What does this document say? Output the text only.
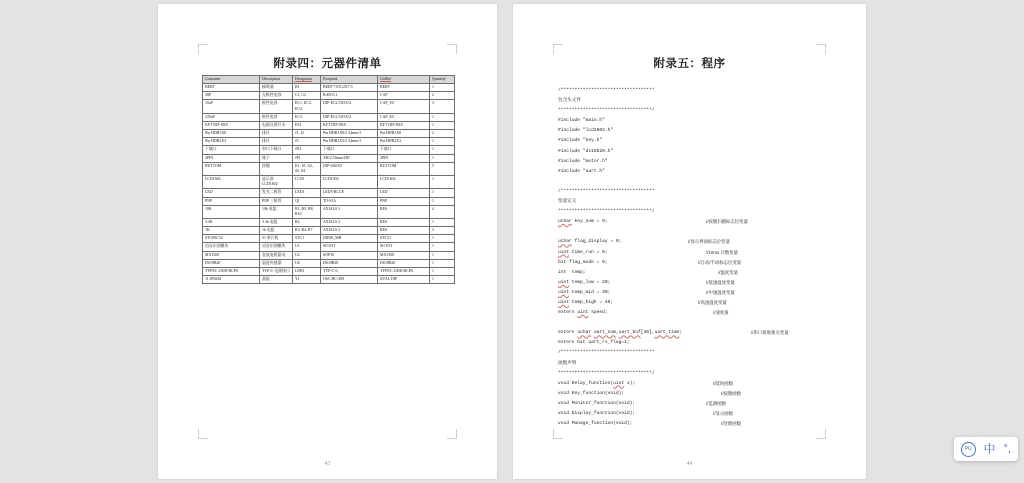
附录四：元器件清单
Comment	Description	Designator	Footprint	LibRef	Quantity
BEEP	蜂鸣器	B1	BEEP 7.6X12X7.5	BEEP	1
30P	无极性电容	C1, C2	RAD-0.1	CAP	2
10uF	极性电容	EC1, EC2, EC4	DIP-EC2.5X5X11	CAP_EC	3
220uF	极性电容	EC3	DIP-EC2.5X5X11	CAP_EC	1
KFT DIP-8X8	电源自锁开关	ES1	KFT DIP-8X8	KFT DIP-8X8	1
Pin HDR1X8	排针	J1, J2	Pin HDR1X8/2.54mm-5	Pin HDR1X8	2
Pin HDR2X3	排针	J3	Pin HDR2X3/2.54mm-5	Pin HDR2X3	1
下载口	串口下载口	JD1	下载口	下载口	1
2PIN	座子	JP1	XH/2.54mm/180	2PIN	1
BUTTOM	按键	K1, S1, S2, S3, S4	DIP-6X6X5	BUTTOM	5
LCD1602	显示屏 LCD1602	LCD1	LCD1602	LCD1602	1
LED	发光二极管	LED1	LED5-BLUE	LED	1
PNP	PNP 三极管	Q1	TO-92A	PNP	1
10K	10k 电阻	R1, R5, R8, R10	AXIAL0.3	RES	4
3.3K	3.3k 电阻	R2	AXIAL0.3	RES	1
1K	1k 电阻	R3, R4, R7	AXIAL0.3	RES	3
STC89C52	51 单片机	STC1	DIP40_MH	STC51	1
语音识别模块	语音识别模块	U1	SU-03T	SU-03T	1
MX1508	直流电机驱动	U2	SOP16	MX1508	1
DS18B20	温度传感器	U6	DS18B20	DS18B20	1
TYPEC-250D-BCP6	TYP-C 电源接口	USB1	TYP-C-6	TYPEC-250D-BCP6	1
11.0592M	晶振	Y1	OSC HC-49S	XTAL DIP	1
43
附录五：程序
/**********************************
包含头文件
**********************************/
#include "main.h"
#include "lcd1602.h"
#include "key.h"
#include "ds18b20.h"
#include "motor.h"
#include "uart.h"

/**********************************
变量定义
**********************************/
uchar key_num = 0;	//按键扫描标志位变量

uchar flag_display = 0;	//显示界面标志位变量
uint time_run = 0;	//10ms 计数变量
bit flag_mode = 0;	//自动/手动标志位变量
int  temp;	//温度变量
uint temp_low = 20;	//低速温度变量
uint temp_mid = 30;	//中速温度变量
uint temp_high = 40;	//高速温度变量
extern uint speed;	//速度值

extern uchar uart_num,uart_buf[30],uart_time;	//串口接收相关变量
extern bit uart_rx_flag=1;
/**********************************
函数声明
**********************************/
void Delay_function(uint x);	//延时函数
void Key_function(void);	//按键函数
void Monitor_function(void);	//监测函数
void Display_function(void);	//显示函数
void Manage_function(void);	//处理函数
44
PU	中 °,
